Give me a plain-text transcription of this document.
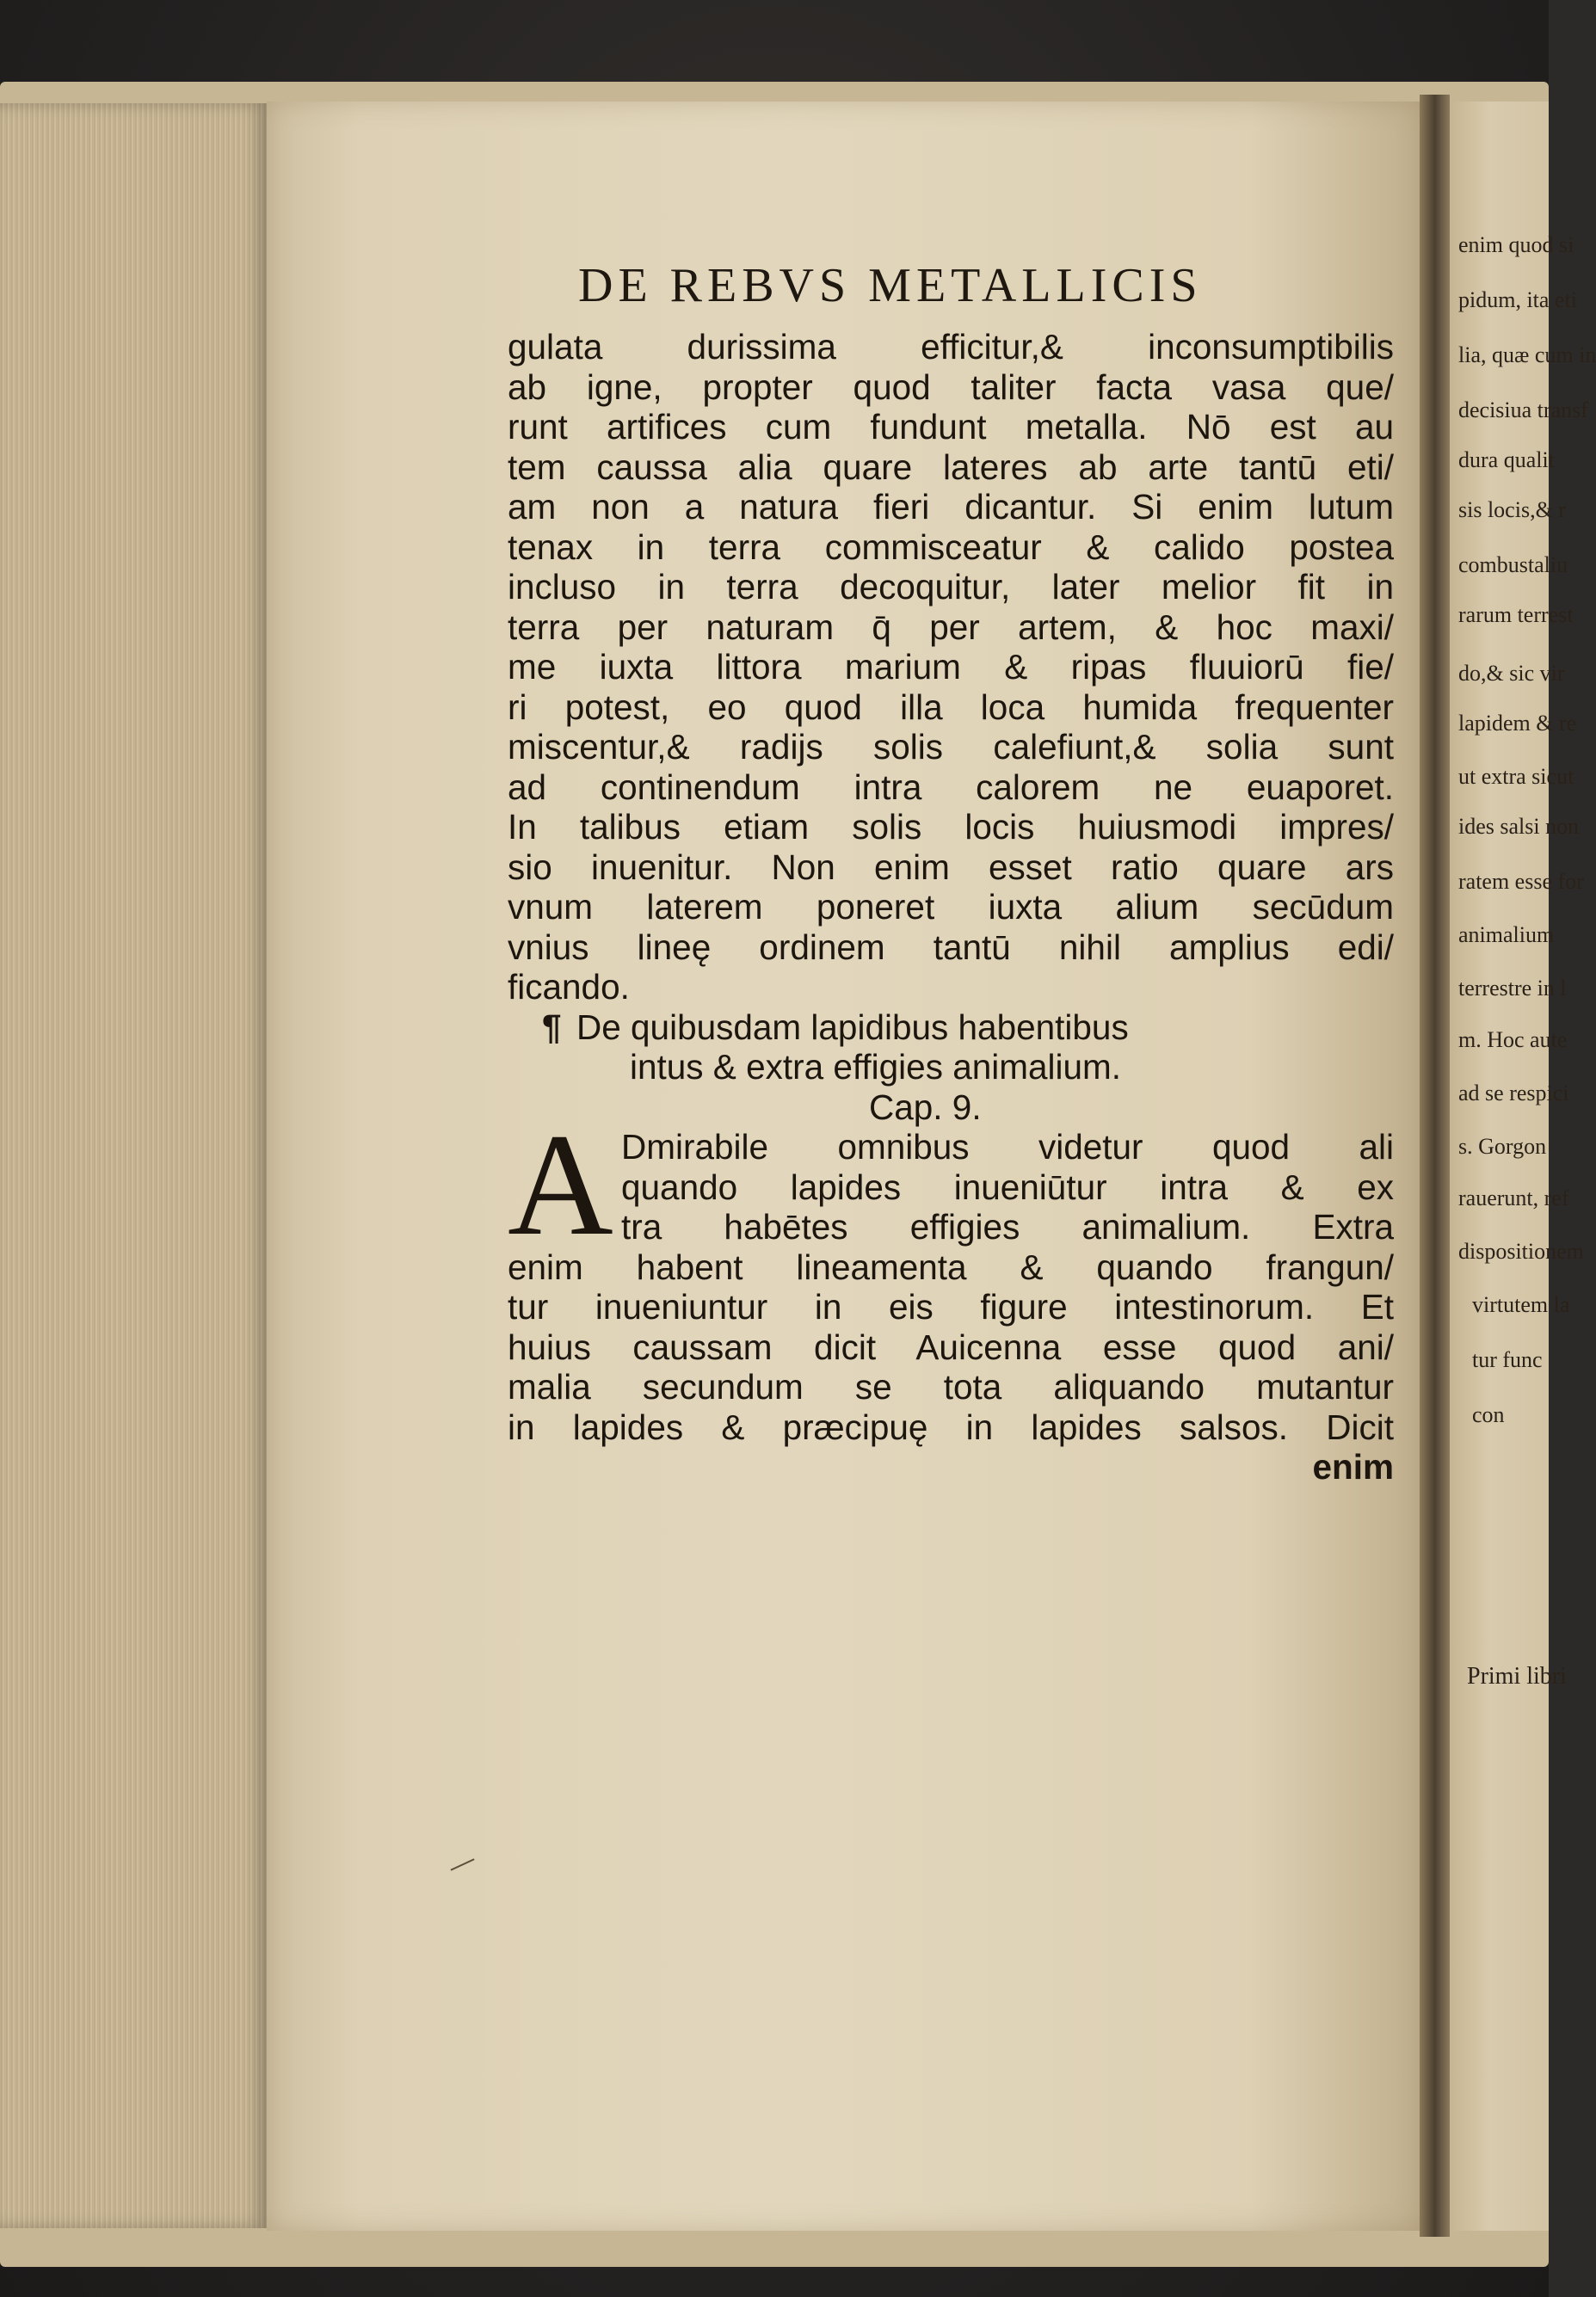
enim quod si
pidum, ita eti
lia, quæ cum in
decisiua transf
dura qualit
sis locis,& r
combustaliu
rarum terrest
do,& sic vir
lapidem & re
ut extra sicut
ides salsi non
ratem esse for
animalium
terrestre in l
m. Hoc aute
ad se respici
s. Gorgon
rauerunt, ref
dispositionem
virtutem la
tur func
con
Primi libri
DE REBVS METALLICIS
gulata durissima efficitur,& inconsumptibilis
ab igne, propter quod taliter facta vasa que/
runt artifices cum fundunt metalla. Nō est au
tem caussa alia quare lateres ab arte tantū eti/
am non a natura fieri dicantur. Si enim lutum
tenax in terra commisceatur & calido postea
incluso in terra decoquitur, later melior fit in
terra per naturam q̄ per artem, & hoc maxi/
me iuxta littora marium & ripas fluuiorū fie/
ri potest, eo quod illa loca humida frequenter
miscentur,& radijs solis calefiunt,& solia sunt
ad continendum intra calorem ne euaporet.
In talibus etiam solis locis huiusmodi impres/
sio inuenitur. Non enim esset ratio quare ars
vnum laterem poneret iuxta alium secūdum
vnius lineę ordinem tantū nihil amplius edi/
ficando.
¶ De quibusdam lapidibus habentibus
intus & extra effigies animalium.
Cap. 9.
A Dmirabile omnibus videtur quod ali
quando lapides inueniūtur intra & ex
tra habētes effigies animalium. Extra
enim habent lineamenta & quando frangun/
tur inueniuntur in eis figure intestinorum. Et
huius caussam dicit Auicenna esse quod ani/
malia secundum se tota aliquando mutantur
in lapides & præcipuę in lapides salsos. Dicit
enim
